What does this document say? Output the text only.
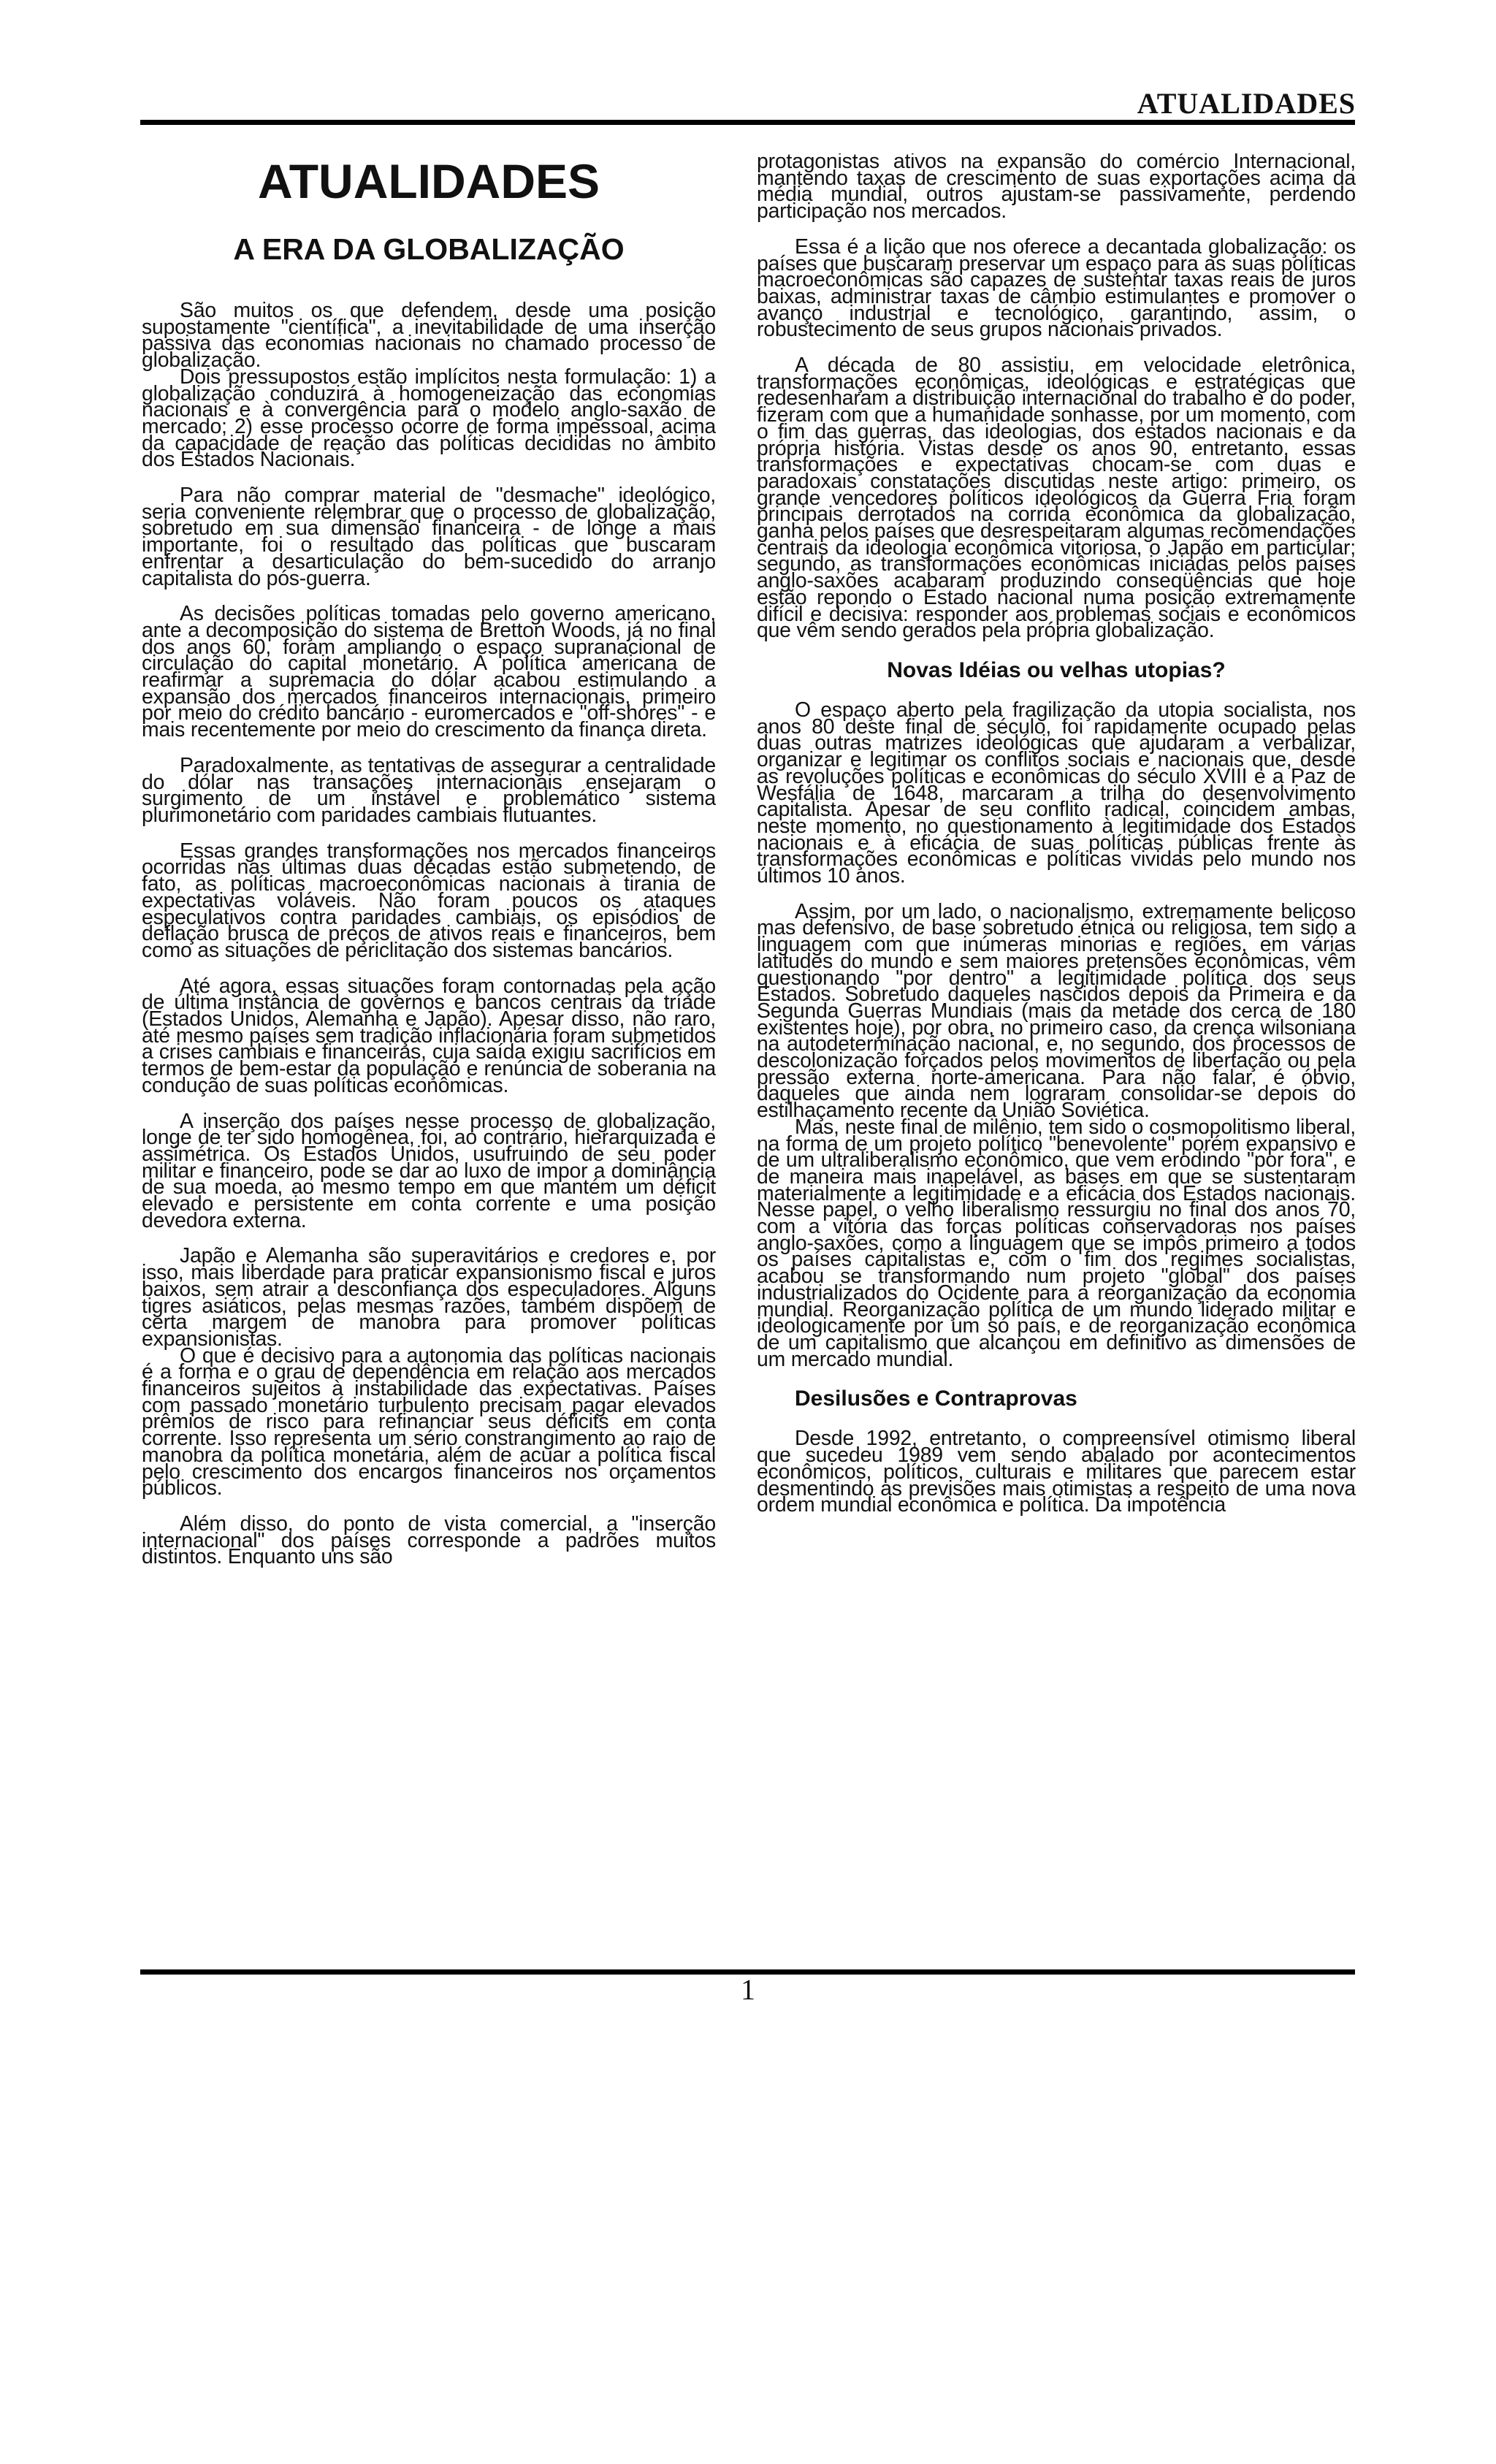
ATUALIDADES
ATUALIDADES
A ERA DA GLOBALIZAÇÃO

São muitos os que defendem, desde uma posição supostamente "científica", a inevitabilidade de uma inserção passiva das economias nacionais no chamado processo de globalização.

Dois pressupostos estão implícitos nesta formulação: 1) a globalização conduzirá à homogeneização das economias nacionais e à convergência para o modelo anglo-saxão de mercado; 2) esse processo ocorre de forma impessoal, acima da capacidade de reação das políticas decididas no âmbito dos Estados Nacionais.

Para não comprar material de "desmache" ideológico, seria conveniente relembrar que o processo de globalização, sobretudo em sua dimensão financeira - de longe a mais importante, foi o resultado das políticas que buscaram enfrentar a desarticulação do bem-sucedido do arranjo capitalista do pós-guerra.

As decisões políticas tomadas pelo governo americano, ante a decomposição do sistema de Bretton Woods, já no final dos anos 60, foram ampliando o espaço supranacional de circulação do capital monetário. A política americana de reafirmar a supremacia do dólar acabou estimulando a expansão dos mercados financeiros internacionais, primeiro por meio do crédito bancário - euromercados e "off-shores" - e mais recentemente por meio do crescimento da finança direta.

Paradoxalmente, as tentativas de assegurar a centralidade do dólar nas transações internacionais ensejaram o surgimento de um instável e problemático sistema plurimonetário com paridades cambiais flutuantes.

Essas grandes transformações nos mercados financeiros ocorridas nas últimas duas décadas estão submetendo, de fato, as políticas macroeconômicas nacionais à tirania de expectativas voláveis. Não foram poucos os ataques especulativos contra paridades cambiais, os episódios de deflação brusca de preços de ativos reais e financeiros, bem como as situações de periclitação dos sistemas bancários.

Até agora, essas situações foram contornadas pela ação de última instância de governos e bancos centrais da tríade (Estados Unidos, Alemanha e Japão). Apesar disso, não raro, até mesmo países sem tradição inflacionária foram submetidos a crises cambiais e financeiras, cuja saída exigiu sacrifícios em termos de bem-estar da população e renúncia de soberania na condução de suas políticas econômicas.

A inserção dos países nesse processo de globalização, longe de ter sido homogênea, foi, ao contrário, hierarquizada e assimétrica. Os Estados Unidos, usufruindo de seu poder militar e financeiro, pode se dar ao luxo de impor a dominância de sua moeda, ao mesmo tempo em que mantém um déficit elevado e persistente em conta corrente e uma posição devedora externa.

Japão e Alemanha são superavitários e credores e, por isso, mais liberdade para praticar expansionismo fiscal e juros baixos, sem atrair a desconfiança dos especuladores. Alguns tigres asiáticos, pelas mesmas razões, também dispõem de certa margem de manobra para promover políticas expansionistas.

O que é decisivo para a autonomia das políticas nacionais é a forma e o grau de dependência em relação aos mercados financeiros sujeitos à instabilidade das expectativas. Países com passado monetário turbulento precisam pagar elevados prêmios de risco para refinanciar seus déficits em conta corrente. Isso representa um sério constrangimento ao raio de manobra da política monetária, além de acuar a política fiscal pelo crescimento dos encargos financeiros nos orçamentos públicos.

Além disso, do ponto de vista comercial, a "inserção internacional" dos países corresponde a padrões muitos distintos. Enquanto uns são

protagonistas ativos na expansão do comércio Internacional, mantendo taxas de crescimento de suas exportações acima da média mundial, outros ajustam-se passivamente, perdendo participação nos mercados.

Essa é a lição que nos oferece a decantada globalização: os países que buscaram preservar um espaço para as suas políticas macroeconômicas são capazes de sustentar taxas reais de juros baixas, administrar taxas de câmbio estimulantes e promover o avanço industrial e tecnológico, garantindo, assim, o robustecimento de seus grupos nacionais privados.

A década de 80 assistiu, em velocidade eletrônica, transformações econômicas, ideológicas e estratégicas que redesenharam a distribuição internacional do trabalho e do poder, fizeram com que a humanidade sonhasse, por um momento, com o fim das guerras, das ideologias, dos estados nacionais e da própria história. Vistas desde os anos 90, entretanto, essas transformações e expectativas chocam-se com duas e paradoxais constatações discutidas neste artigo: primeiro, os grande vencedores políticos ideológicos da Guerra Fria foram principais derrotados na corrida econômica da globalização, ganha pelos países que desrespeitaram algumas recomendações centrais da ideologia econômica vitoriosa, o Japão em particular; segundo, as transformações econômicas iniciadas pelos países anglo-saxões acabaram produzindo conseqüências que hoje estão repondo o Estado nacional numa posição extremamente difícil e decisiva: responder aos problemas sociais e econômicos que vêm sendo gerados pela própria globalização.

Novas Idéias ou velhas utopias?

O espaço aberto pela fragilização da utopia socialista, nos anos 80 deste final de século, foi rapidamente ocupado pelas duas outras matrizes ideológicas que ajudaram a verbalizar, organizar e legitimar os conflitos sociais e nacionais que, desde as revoluções políticas e econômicas do século XVIII e a Paz de Wesfália de 1648, marcaram a trilha do desenvolvimento capitalista. Apesar de seu conflito radical, coincidem ambas, neste momento, no questionamento à legitimidade dos Estados nacionais e à eficácia de suas políticas públicas frente às transformações econômicas e políticas vividas pelo mundo nos últimos 10 anos.

Assim, por um lado, o nacionalismo, extremamente belicoso mas defensivo, de base sobretudo étnica ou religiosa, tem sido a linguagem com que inúmeras minorias e regiões, em várias latitudes do mundo e sem maiores pretensões econômicas, vêm questionando "por dentro" a legitimidade política dos seus Estados. Sobretudo daqueles nascidos depois da Primeira e da Segunda Guerras Mundiais (mais da metade dos cerca de 180 existentes hoje), por obra, no primeiro caso, da crença wilsoniana na autodeterminação nacional, e, no segundo, dos processos de descolonização forçados pelos movimentos de libertação ou pela pressão externa norte-americana. Para não falar, é óbvio, daqueles que ainda nem lograram consolidar-se depois do estilhaçamento recente da União Soviética.

Mas, neste final de milênio, tem sido o cosmopolitismo liberal, na forma de um projeto político "benevolente" porém expansivo e de um ultraliberalismo econômico, que vem erodindo "por fora", e de maneira mais inapelável, as bases em que se sustentaram materialmente a legitimidade e a eficácia dos Estados nacionais. Nesse papel, o velho liberalismo ressurgiu no final dos anos 70, com a vitória das forças políticas conservadoras nos países anglo-saxões, como a linguagem que se impôs primeiro a todos os países capitalistas e, com o fim dos regimes socialistas, acabou se transformando num projeto "global" dos países industrializados do Ocidente para a reorganização da economia mundial. Reorganização política de um mundo liderado militar e ideologicamente por um só país, e de reorganização econômica de um capitalismo que alcançou em definitivo as dimensões de um mercado mundial.

Desilusões e Contraprovas

Desde 1992, entretanto, o compreensível otimismo liberal que sucedeu 1989 vem sendo abalado por acontecimentos econômicos, políticos, culturais e militares que parecem estar desmentindo as previsões mais otimistas a respeito de uma nova ordem mundial econômica e política. Da impotência

1
